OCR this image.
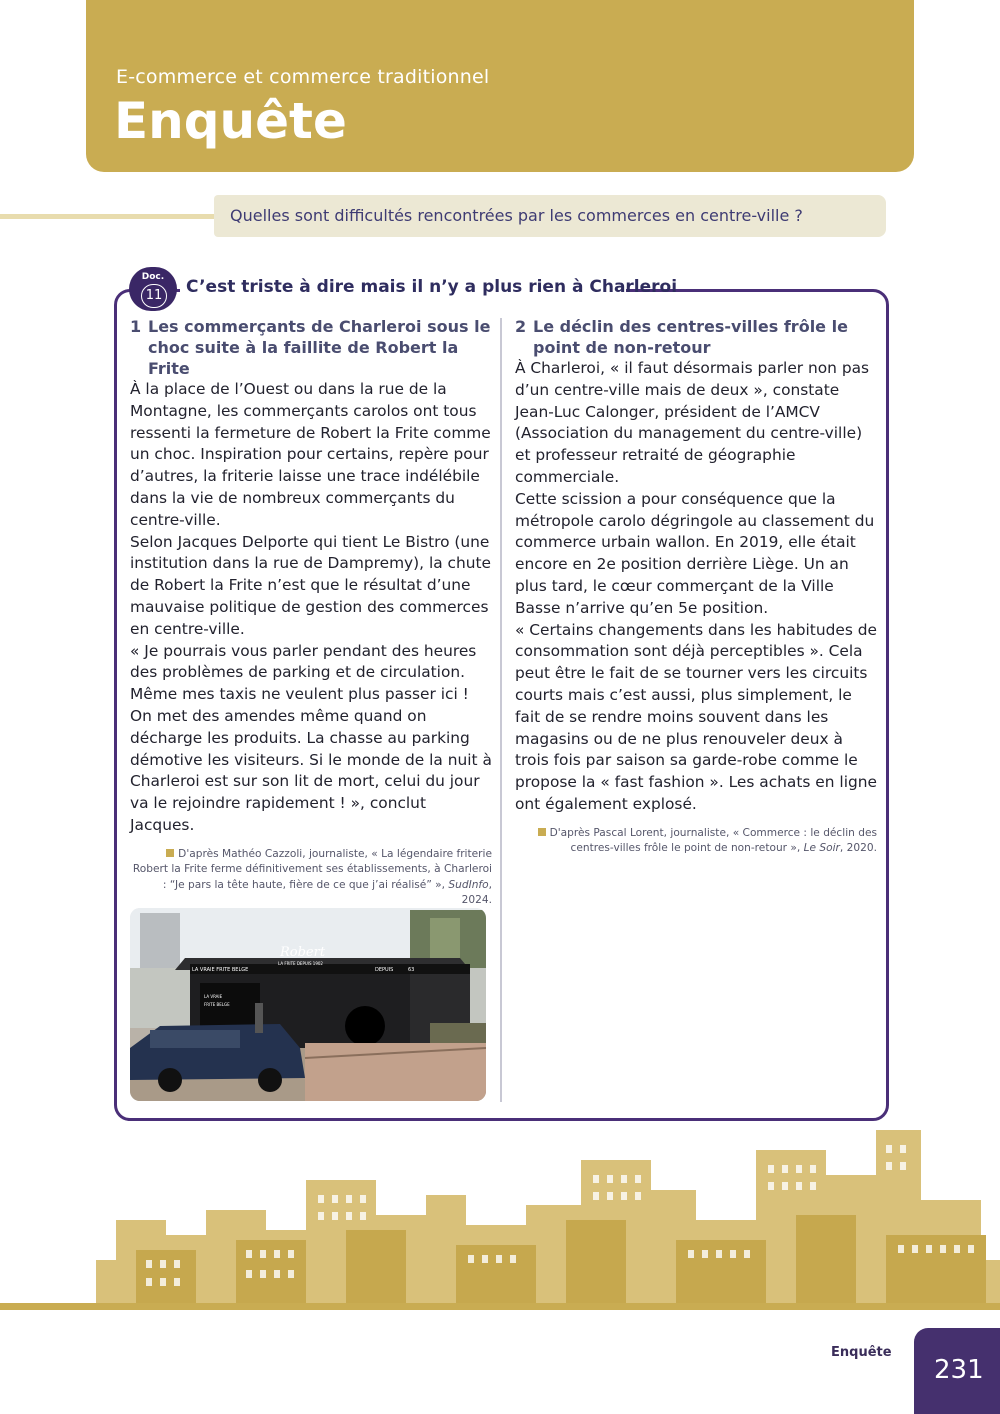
E-commerce et commerce traditionnel
Enquête
Quelles sont difficultés rencontrées par les commerces en centre-ville ?
Doc.
11 C’est triste à dire mais il n’y a plus rien à Charleroi
1 Les commerçants de Charleroi sous le choc suite à la faillite de Robert la Frite

À la place de l’Ouest ou dans la rue de la Montagne, les commerçants carolos ont tous ressenti la fermeture de Robert la Frite comme un choc. Inspiration pour certains, repère pour d’autres, la friterie laisse une trace indélébile dans la vie de nombreux commerçants du centre-ville.

Selon Jacques Delporte qui tient Le Bistro (une institution dans la rue de Dampremy), la chute de Robert la Frite n’est que le résultat d’une mauvaise politique de gestion des commerces en centre-ville.

« Je pourrais vous parler pendant des heures des problèmes de parking et de circulation. Même mes taxis ne veulent plus passer ici ! On met des amendes même quand on décharge les produits. La chasse au parking démotive les visiteurs. Si le monde de la nuit à Charleroi est sur son lit de mort, celui du jour va le rejoindre rapidement ! », conclut Jacques.

D'après Mathéo Cazzoli, journaliste, « La légendaire friterie Robert la Frite ferme définitivement ses établissements, à Charleroi : “Je pars la tête haute, fière de ce que j’ai réalisé” », SudInfo, 2024.
2 Le déclin des centres-villes frôle le point de non-retour

À Charleroi, « il faut désormais parler non pas d’un centre-ville mais de deux », constate Jean-Luc Calonger, président de l’AMCV (Association du management du centre-ville) et professeur retraité de géographie commerciale.

Cette scission a pour conséquence que la métropole carolo dégringole au classement du commerce urbain wallon. En 2019, elle était encore en 2e position derrière Liège. Un an plus tard, le cœur commerçant de la Ville Basse n’arrive qu’en 5e position.

« Certains changements dans les habitudes de consommation sont déjà perceptibles ». Cela peut être le fait de se tourner vers les circuits courts mais c’est aussi, plus simplement, le fait de se rendre moins souvent dans les magasins ou de ne plus renouveler deux à trois fois par saison sa garde-robe comme le propose la « fast fashion ». Les achats en ligne ont également explosé.

D'après Pascal Lorent, journaliste, « Commerce : le déclin des centres-villes frôle le point de non-retour », Le Soir, 2020.
Robert
LA FRITE DEPUIS 1902
LA VRAIE FRITE BELGE	DEPUIS	63
LA VRAIE
FRITE BELGE
Enquête
231
